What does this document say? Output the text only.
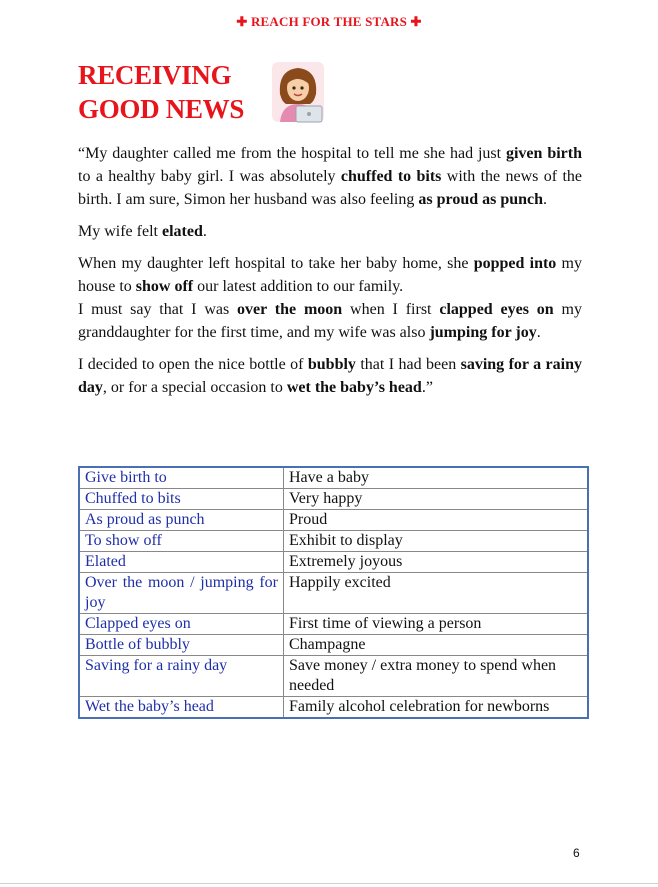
✚ REACH FOR THE STARS ✚
RECEIVING
GOOD NEWS

“My daughter called me from the hospital to tell me she had just given birth to a healthy baby girl. I was absolutely chuffed to bits with the news of the birth. I am sure, Simon her husband was also feeling as proud as punch.

My wife felt elated.

When my daughter left hospital to take her baby home, she popped into my house to show off our latest addition to our family.

I must say that I was over the moon when I first clapped eyes on my granddaughter for the first time, and my wife was also jumping for joy.

I decided to open the nice bottle of bubbly that I had been saving for a rainy day, or for a special occasion to wet the baby’s head.”

Give birth to	Have a baby
Chuffed to bits	Very happy
As proud as punch	Proud
To show off	Exhibit to display
Elated	Extremely joyous
Over the moon / jumping for joy	Happily excited
Clapped eyes on	First time of viewing a person
Bottle of bubbly	Champagne
Saving for a rainy day	Save money / extra money to spend when needed
Wet the baby’s head	Family alcohol celebration for newborns
6
